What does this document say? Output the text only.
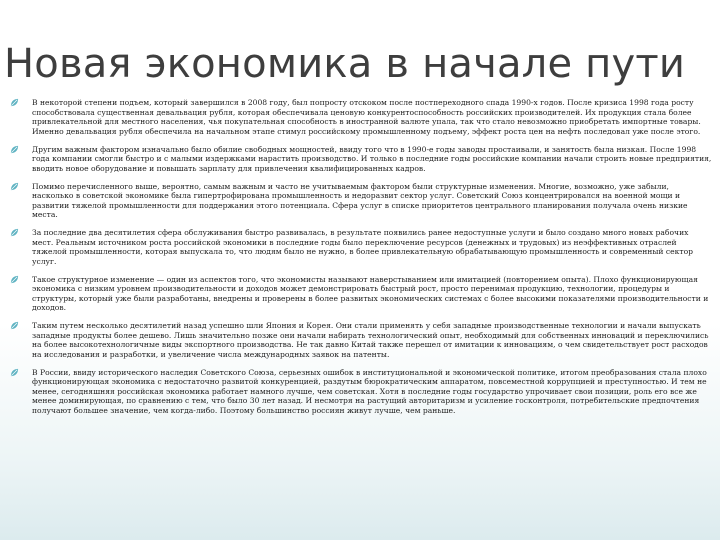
Новая экономика в начале пути
В некоторой степени подъем, который завершился в 2008 году, был попросту отскоком после постпереходного спада 1990-х годов. После кризиса 1998 года росту способствовала существенная девальвация рубля, которая обеспечивала ценовую конкурентоспособность российских производителей. Их продукция стала более привлекательной для местного населения, чья покупательная способность в иностранной валюте упала, так что стало невозможно приобретать импортные товары. Именно девальвация рубля обеспечила на начальном этапе стимул российскому промышленному подъему, эффект роста цен на нефть последовал уже после этого.
Другим важным фактором изначально было обилие свободных мощностей, ввиду того что в 1990-е годы заводы простаивали, и занятость была низкая. После 1998 года компании смогли быстро и с малыми издержками нарастить производство. И только в последние годы российские компании начали строить новые предприятия, вводить новое оборудование и повышать зарплату для привлечения квалифицированных кадров.
Помимо перечисленного выше, вероятно, самым важным и часто не учитываемым фактором были структурные изменения. Многие, возможно, уже забыли, насколько в советской экономике была гипертрофирована промышленность и недоразвит сектор услуг. Советский Союз концентрировался на военной мощи и развитии тяжелой промышленности для поддержания этого потенциала. Сфера услуг в списке приоритетов центрального планирования получала очень низкие места.
За последние два десятилетия сфера обслуживания быстро развивалась, в результате появились ранее недоступные услуги и было создано много новых рабочих мест. Реальным источником роста российской экономики в последние годы было переключение ресурсов (денежных и трудовых) из неэффективных отраслей тяжелой промышленности, которая выпускала то, что людям было не нужно, в более привлекательную обрабатывающую промышленность и современный сектор услуг.
Такое структурное изменение — один из аспектов того, что экономисты называют наверстыванием или имитацией (повторением опыта). Плохо функционирующая экономика с низким уровнем производительности и доходов может демонстрировать быстрый рост, просто перенимая продукцию, технологии, процедуры и структуры, который уже были разработаны, внедрены и проверены в более развитых экономических системах с более высокими показателями производительности и доходов.
Таким путем несколько десятилетий назад успешно шли Япония и Корея. Они стали применять у себя западные производственные технологии и начали выпускать западные продукты более дешево. Лишь значительно позже они начали набирать технологический опыт, необходимый для собственных инноваций и переключились на более высокотехнологичные виды экспортного производства. Не так давно Китай также перешел от имитации к инновациям, о чем свидетельствует рост расходов на исследования и разработки, и увеличение числа международных заявок на патенты.
В России, ввиду исторического наследия Советского Союза, серьезных ошибок в институциональной и экономической политике, итогом преобразования стала плохо функционирующая экономика с недостаточно развитой конкуренцией, раздутым бюрократическим аппаратом, повсеместной коррупцией и преступностью. И тем не менее, сегодняшняя российская экономика работает намного лучше, чем советская. Хотя в последние годы государство упрочивает свои позиции, роль его все же менее доминирующая, по сравнению с тем, что было 30 лет назад. И несмотря на растущий авторитаризм и усиление госконтроля, потребительские предпочтения получают большее значение, чем когда-либо. Поэтому большинство россиян живут лучше, чем раньше.
